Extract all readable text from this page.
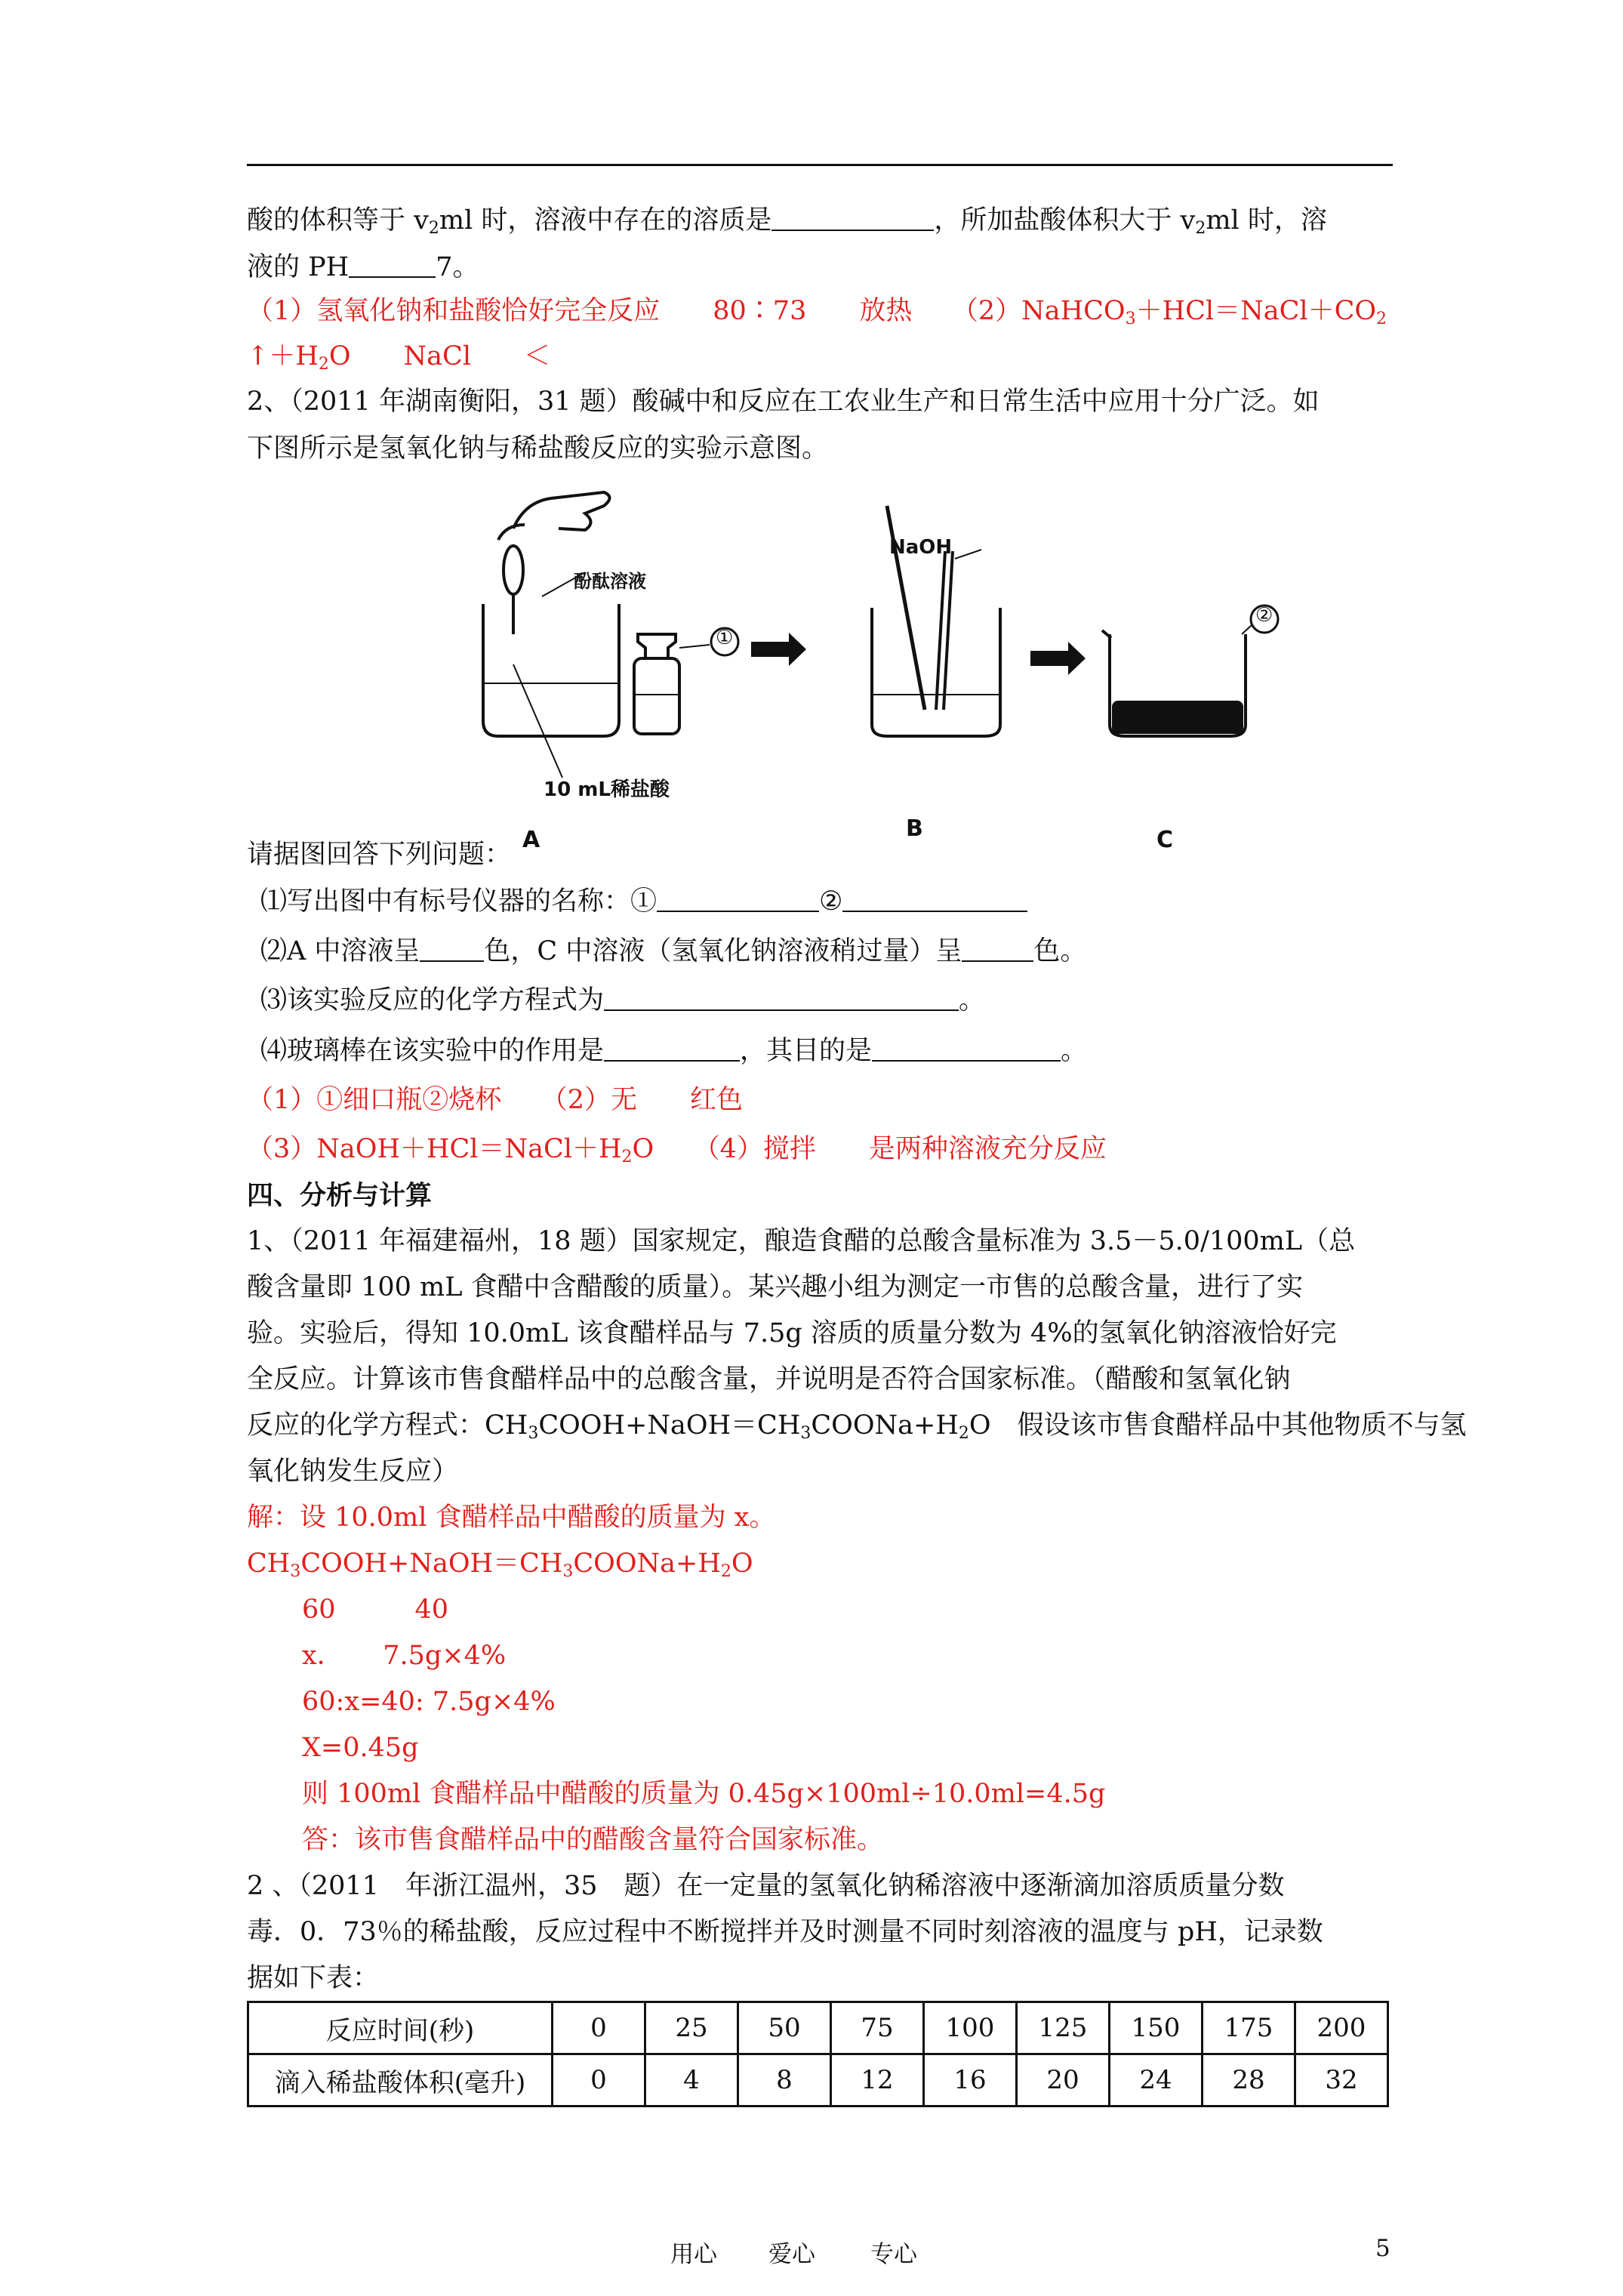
酸的体积等于 $v_2ml$ 时，溶液中存在的溶质是	，所加盐酸体积大于 $v_2ml$ 时，溶
液的 PH	7。
（1）氢氧化钠和盐酸恰好完全反应　　80∶73　　放热　　$(2)NaHCO_3+HCl=NaCl+CO_2$
$↑+H_2O$　　NaCl　　＜
2、（2011 年湖南衡阳，31 题）酸碱中和反应在工农业生产和日常生活中应用十分广泛。如
下图所示是氢氧化钠与稀盐酸反应的实验示意图。
酚酞溶液
①
10 mL稀盐酸
NaOH
②
A	B	C
请据图回答下列问题：
⑴写出图中有标号仪器的名称：①	②
⑵A 中溶液呈 色，C 中溶液（氢氧化钠溶液稍过量）呈	色。
⑶该实验反应的化学方程式为	。
⑷玻璃棒在该实验中的作用是	，其目的是	。
（1）①细口瓶②烧杯　　（2）无　　红色
$(3)NaOH+HCl=NaCl+H_2O$　　（4）搅拌　　是两种溶液充分反应
四、分析与计算
1、（2011 年福建福州，18 题）国家规定，酿造食醋的总酸含量标准为 3.5－5.0/100mL（总
酸含量即 100 mL 食醋中含醋酸的质量）。某兴趣小组为测定一市售的总酸含量，进行了实
验。实验后，得知 10.0mL 该食醋样品与 7.5g 溶质的质量分数为 4%的氢氧化钠溶液恰好完
全反应。计算该市售食醋样品中的总酸含量，并说明是否符合国家标准。（醋酸和氢氧化钠
反应的化学方程式：$CH_3COOH+NaOH=CH_3COONa+H_2O$　假设该市售食醋样品中其他物质不与氢
氧化钠发生反应）
解：设 10.0ml 食醋样品中醋酸的质量为 x。
$CH_3COOH+NaOH=CH_3COONa+H_2O$
60　　　40
x．　　7.5g×4%
60:x=40: 7.5g×4%
X=0.45g
则 100ml 食醋样品中醋酸的质量为 0.45g×100ml÷10.0ml=4.5g
答：该市售食醋样品中的醋酸含量符合国家标准。
2 、（2011　年浙江温州，35　题）在一定量的氢氧化钠稀溶液中逐渐滴加溶质质量分数
毒．0．73％的稀盐酸，反应过程中不断搅拌并及时测量不同时刻溶液的温度与 pH，记录数
据如下表：
反应时间(秒)	0	25	50	75	100	125	150	175	200
滴入稀盐酸体积(毫升)	0	4	8	12	16	20	24	28	32
用心 爱心 专心	5
